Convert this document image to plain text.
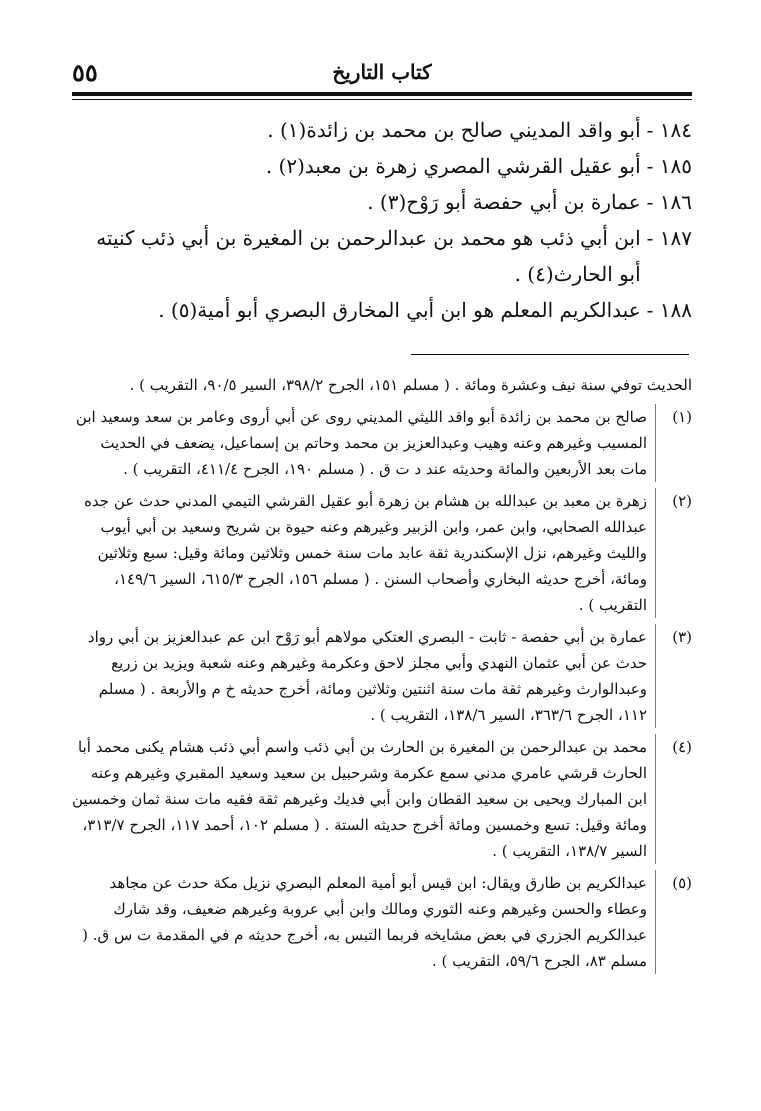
٥٥	كتاب التاريخ
١٨٤ -
أبو واقد المديني صالح بن محمد بن زائدة(١) .
١٨٥ -
أبو عقيل القرشي المصري زهرة بن معبد(٢) .
١٨٦ -
عمارة بن أبي حفصة أبو رَوْح(٣) .
١٨٧ -
ابن أبي ذئب هو محمد بن عبدالرحمن بن المغيرة بن أبي ذئب كنيته أبو الحارث(٤) .
١٨٨ -
عبدالكريم المعلم هو ابن أبي المخارق البصري أبو أمية(٥) .
الحديث توفي سنة نيف وعشرة ومائة . ( مسلم ١٥١، الجرح ٣٩٨/٢، السير ٩٠/٥، التقريب ) .
(١)
صالح بن محمد بن زائدة أبو واقد الليثي المديني روى عن أبي أروى وعامر بن سعد وسعيد ابن المسيب وغيرهم وعنه وهيب وعبدالعزيز بن محمد وحاتم بن إسماعيل، يضعف في الحديث مات بعد الأربعين والمائة وحديثه عند د ت ق . ( مسلم ١٩٠، الجرح ٤١١/٤، التقريب ) .
(٢)
زهرة بن معبد بن عبدالله بن هشام بن زهرة أبو عقيل القرشي التيمي المدني حدث عن جده عبدالله الصحابي، وابن عمر، وابن الزبير وغيرهم وعنه حيوة بن شريح وسعيد بن أبي أيوب والليث وغيرهم، نزل الإسكندرية ثقة عابد مات سنة خمس وثلاثين ومائة وقيل: سبع وثلاثين ومائة، أخرج حديثه البخاري وأصحاب السنن . ( مسلم ١٥٦، الجرح ٦١٥/٣، السير ١٤٩/٦، التقريب ) .
(٣)
عمارة بن أبي حفصة - ثابت - البصري العتكي مولاهم أبو رَوْح ابن عم عبدالعزيز بن أبي رواد حدث عن أبي عثمان النهدي وأبي مجلز لاحق وعكرمة وغيرهم وعنه شعبة ويزيد بن زريع وعبدالوارث وغيرهم ثقة مات سنة اثنتين وثلاثين ومائة، أخرج حديثه خ م والأربعة . ( مسلم ١١٢، الجرح ٣٦٣/٦، السير ١٣٨/٦، التقريب ) .
(٤)
محمد بن عبدالرحمن بن المغيرة بن الحارث بن أبي ذئب واسم أبي ذئب هشام يكنى محمد أبا الحارث قرشي عامري مدني سمع عكرمة وشرحبيل بن سعيد وسعيد المقبري وغيرهم وعنه ابن المبارك ويحيى بن سعيد القطان وابن أبي فديك وغيرهم ثقة فقيه مات سنة ثمان وخمسين ومائة وقيل: تسع وخمسين ومائة أخرج حديثه الستة . ( مسلم ١٠٢، أحمد ١١٧، الجرح ٣١٣/٧، السير ١٣٨/٧، التقريب ) .
(٥)
عبدالكريم بن طارق ويقال: ابن قيس أبو أمية المعلم البصري نزيل مكة حدث عن مجاهد وعطاء والحسن وغيرهم وعنه الثوري ومالك وابن أبي عروبة وغيرهم ضعيف، وقد شارك عبدالكريم الجزري في بعض مشايخه فربما التبس به، أخرج حديثه م في المقدمة ت س ق. ( مسلم ٨٣، الجرح ٥٩/٦، التقريب ) .
